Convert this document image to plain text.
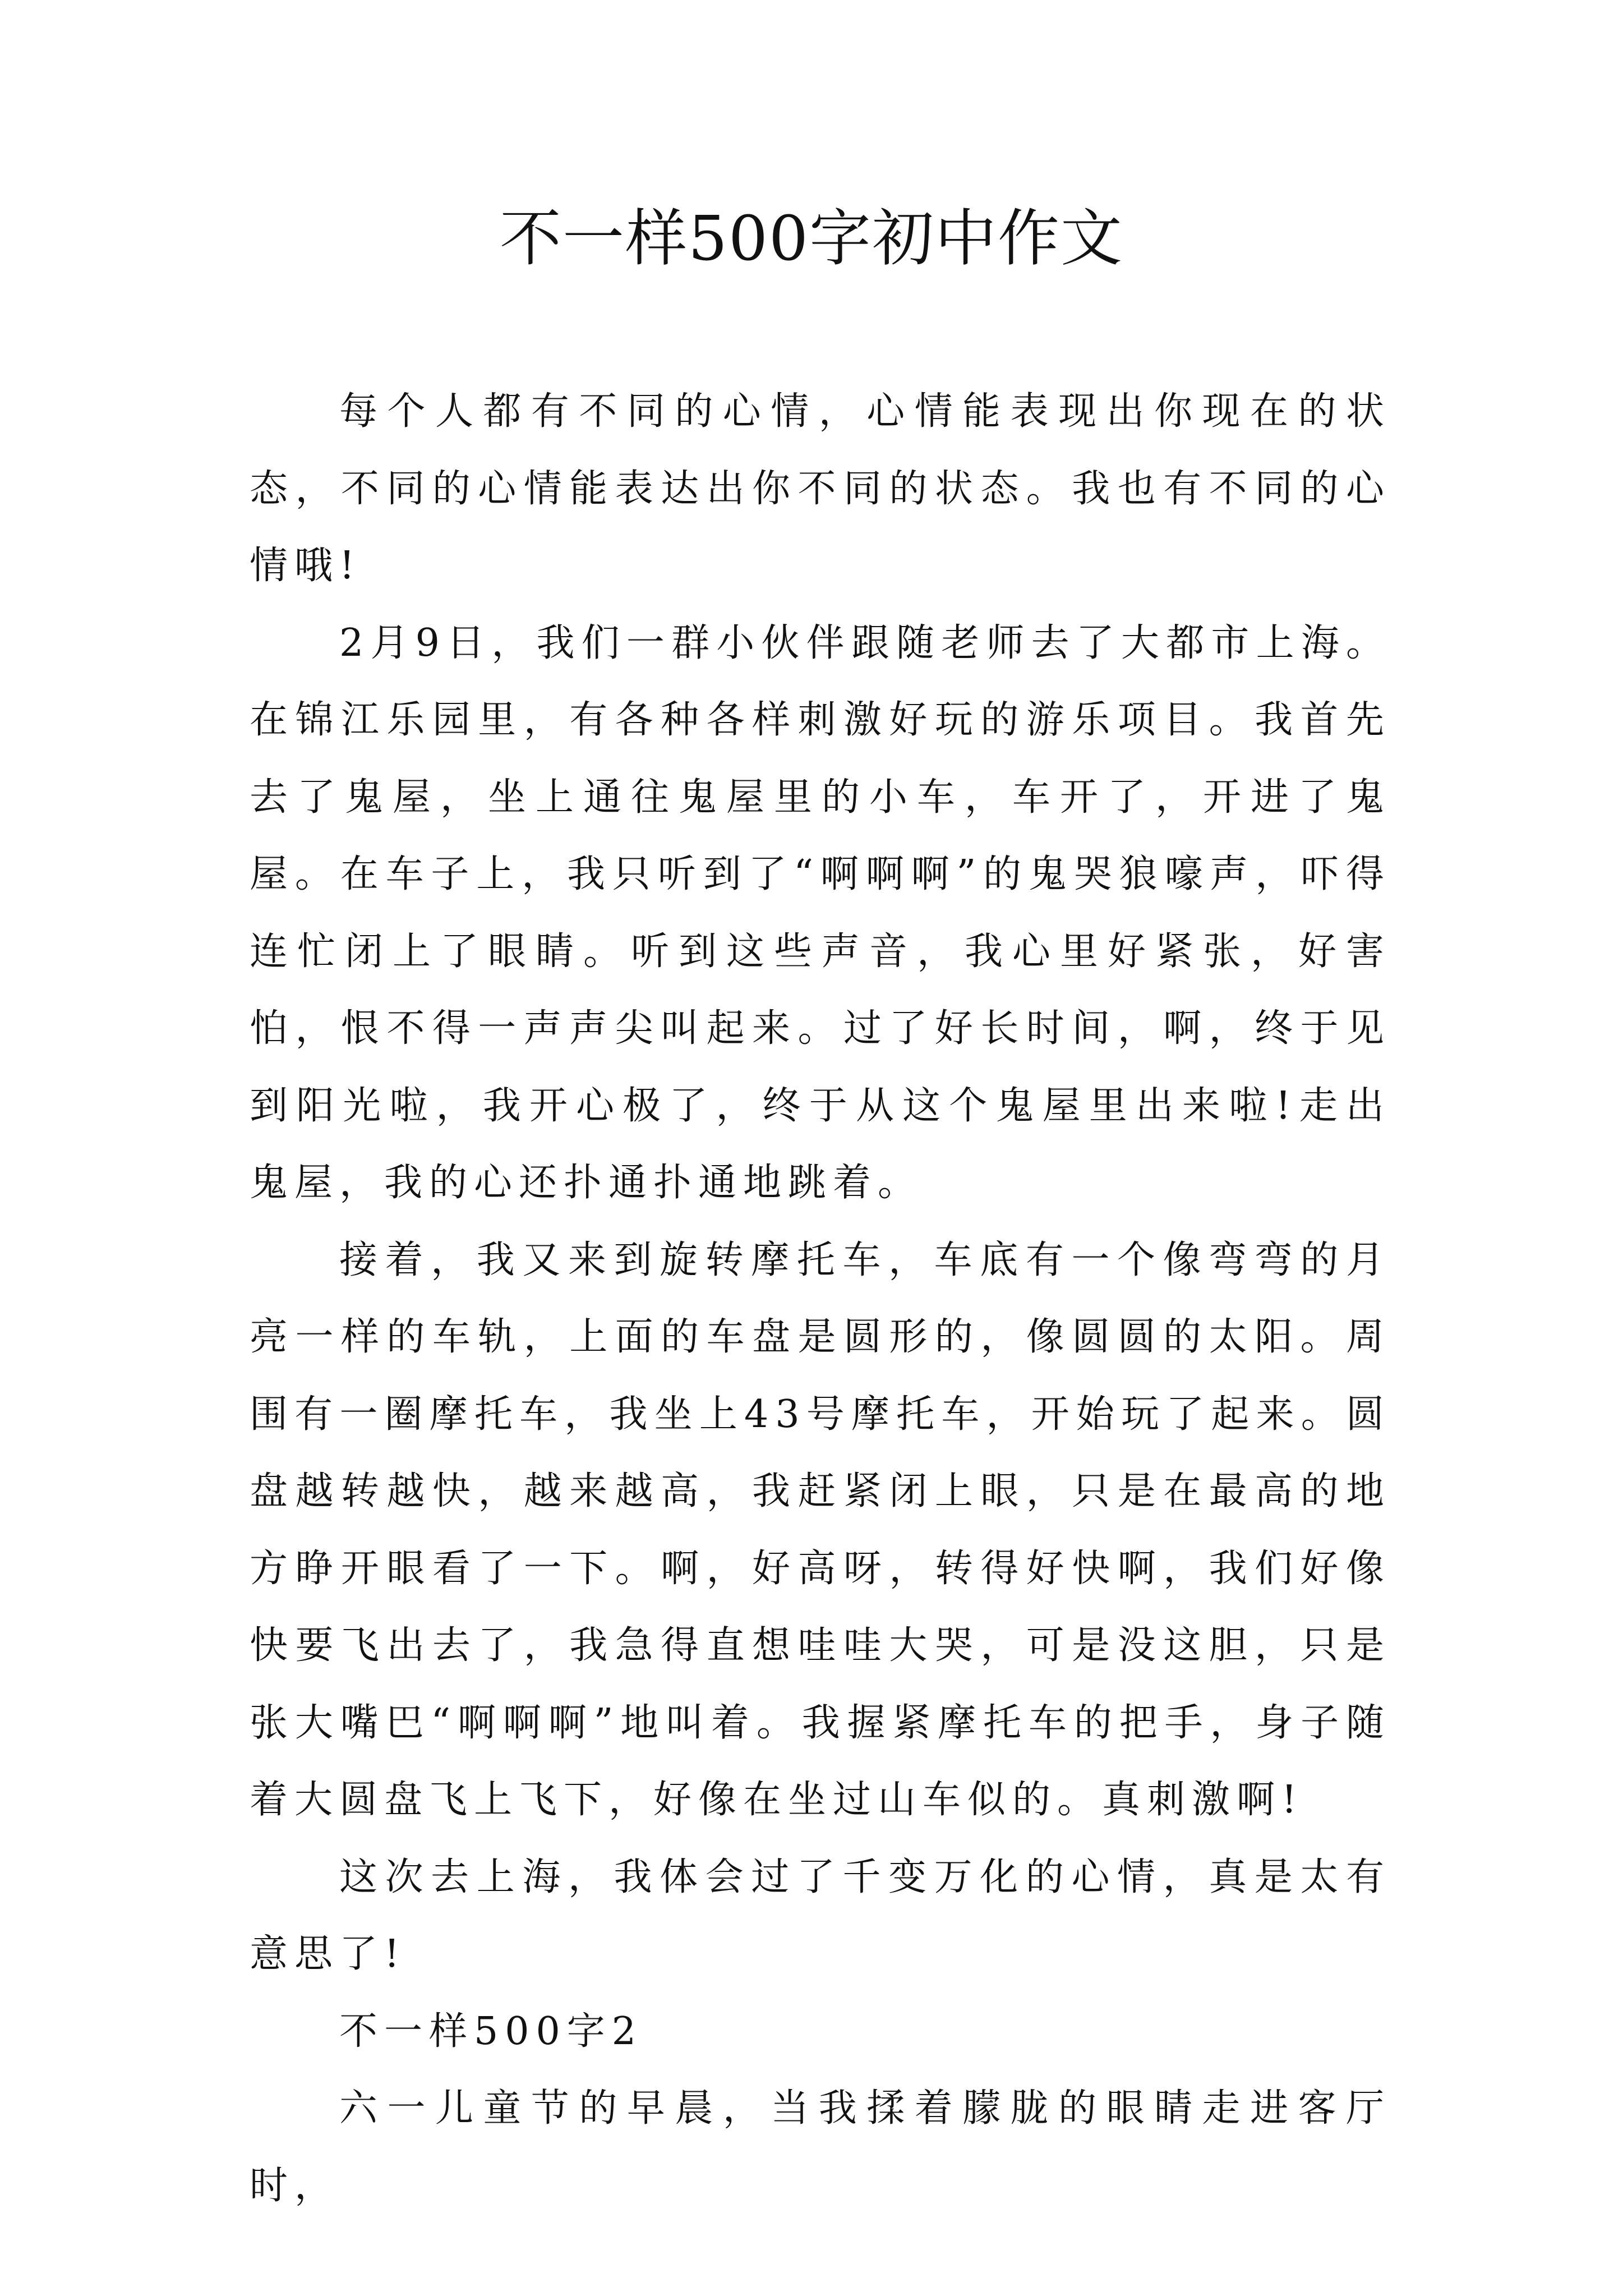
不一样500字初中作文

每个人都有不同的心情，心情能表现出你现在的状态，不同的心情能表达出你不同的状态。我也有不同的心情哦!

2月9日，我们一群小伙伴跟随老师去了大都市上海。在锦江乐园里，有各种各样刺激好玩的游乐项目。我首先去了鬼屋，坐上通往鬼屋里的小车，车开了，开进了鬼屋。在车子上，我只听到了“啊啊啊”的鬼哭狼嚎声，吓得连忙闭上了眼睛。听到这些声音，我心里好紧张，好害怕，恨不得一声声尖叫起来。过了好长时间，啊，终于见到阳光啦，我开心极了，终于从这个鬼屋里出来啦!走出鬼屋，我的心还扑通扑通地跳着。

接着，我又来到旋转摩托车，车底有一个像弯弯的月亮一样的车轨，上面的车盘是圆形的，像圆圆的太阳。周围有一圈摩托车，我坐上43号摩托车，开始玩了起来。圆盘越转越快，越来越高，我赶紧闭上眼，只是在最高的地方睁开眼看了一下。啊，好高呀，转得好快啊，我们好像快要飞出去了，我急得直想哇哇大哭，可是没这胆，只是张大嘴巴“啊啊啊”地叫着。我握紧摩托车的把手，身子随着大圆盘飞上飞下，好像在坐过山车似的。真刺激啊!

这次去上海，我体会过了千变万化的心情，真是太有意思了!

不一样500字2

六一儿童节的早晨，当我揉着朦胧的眼睛走进客厅时，
